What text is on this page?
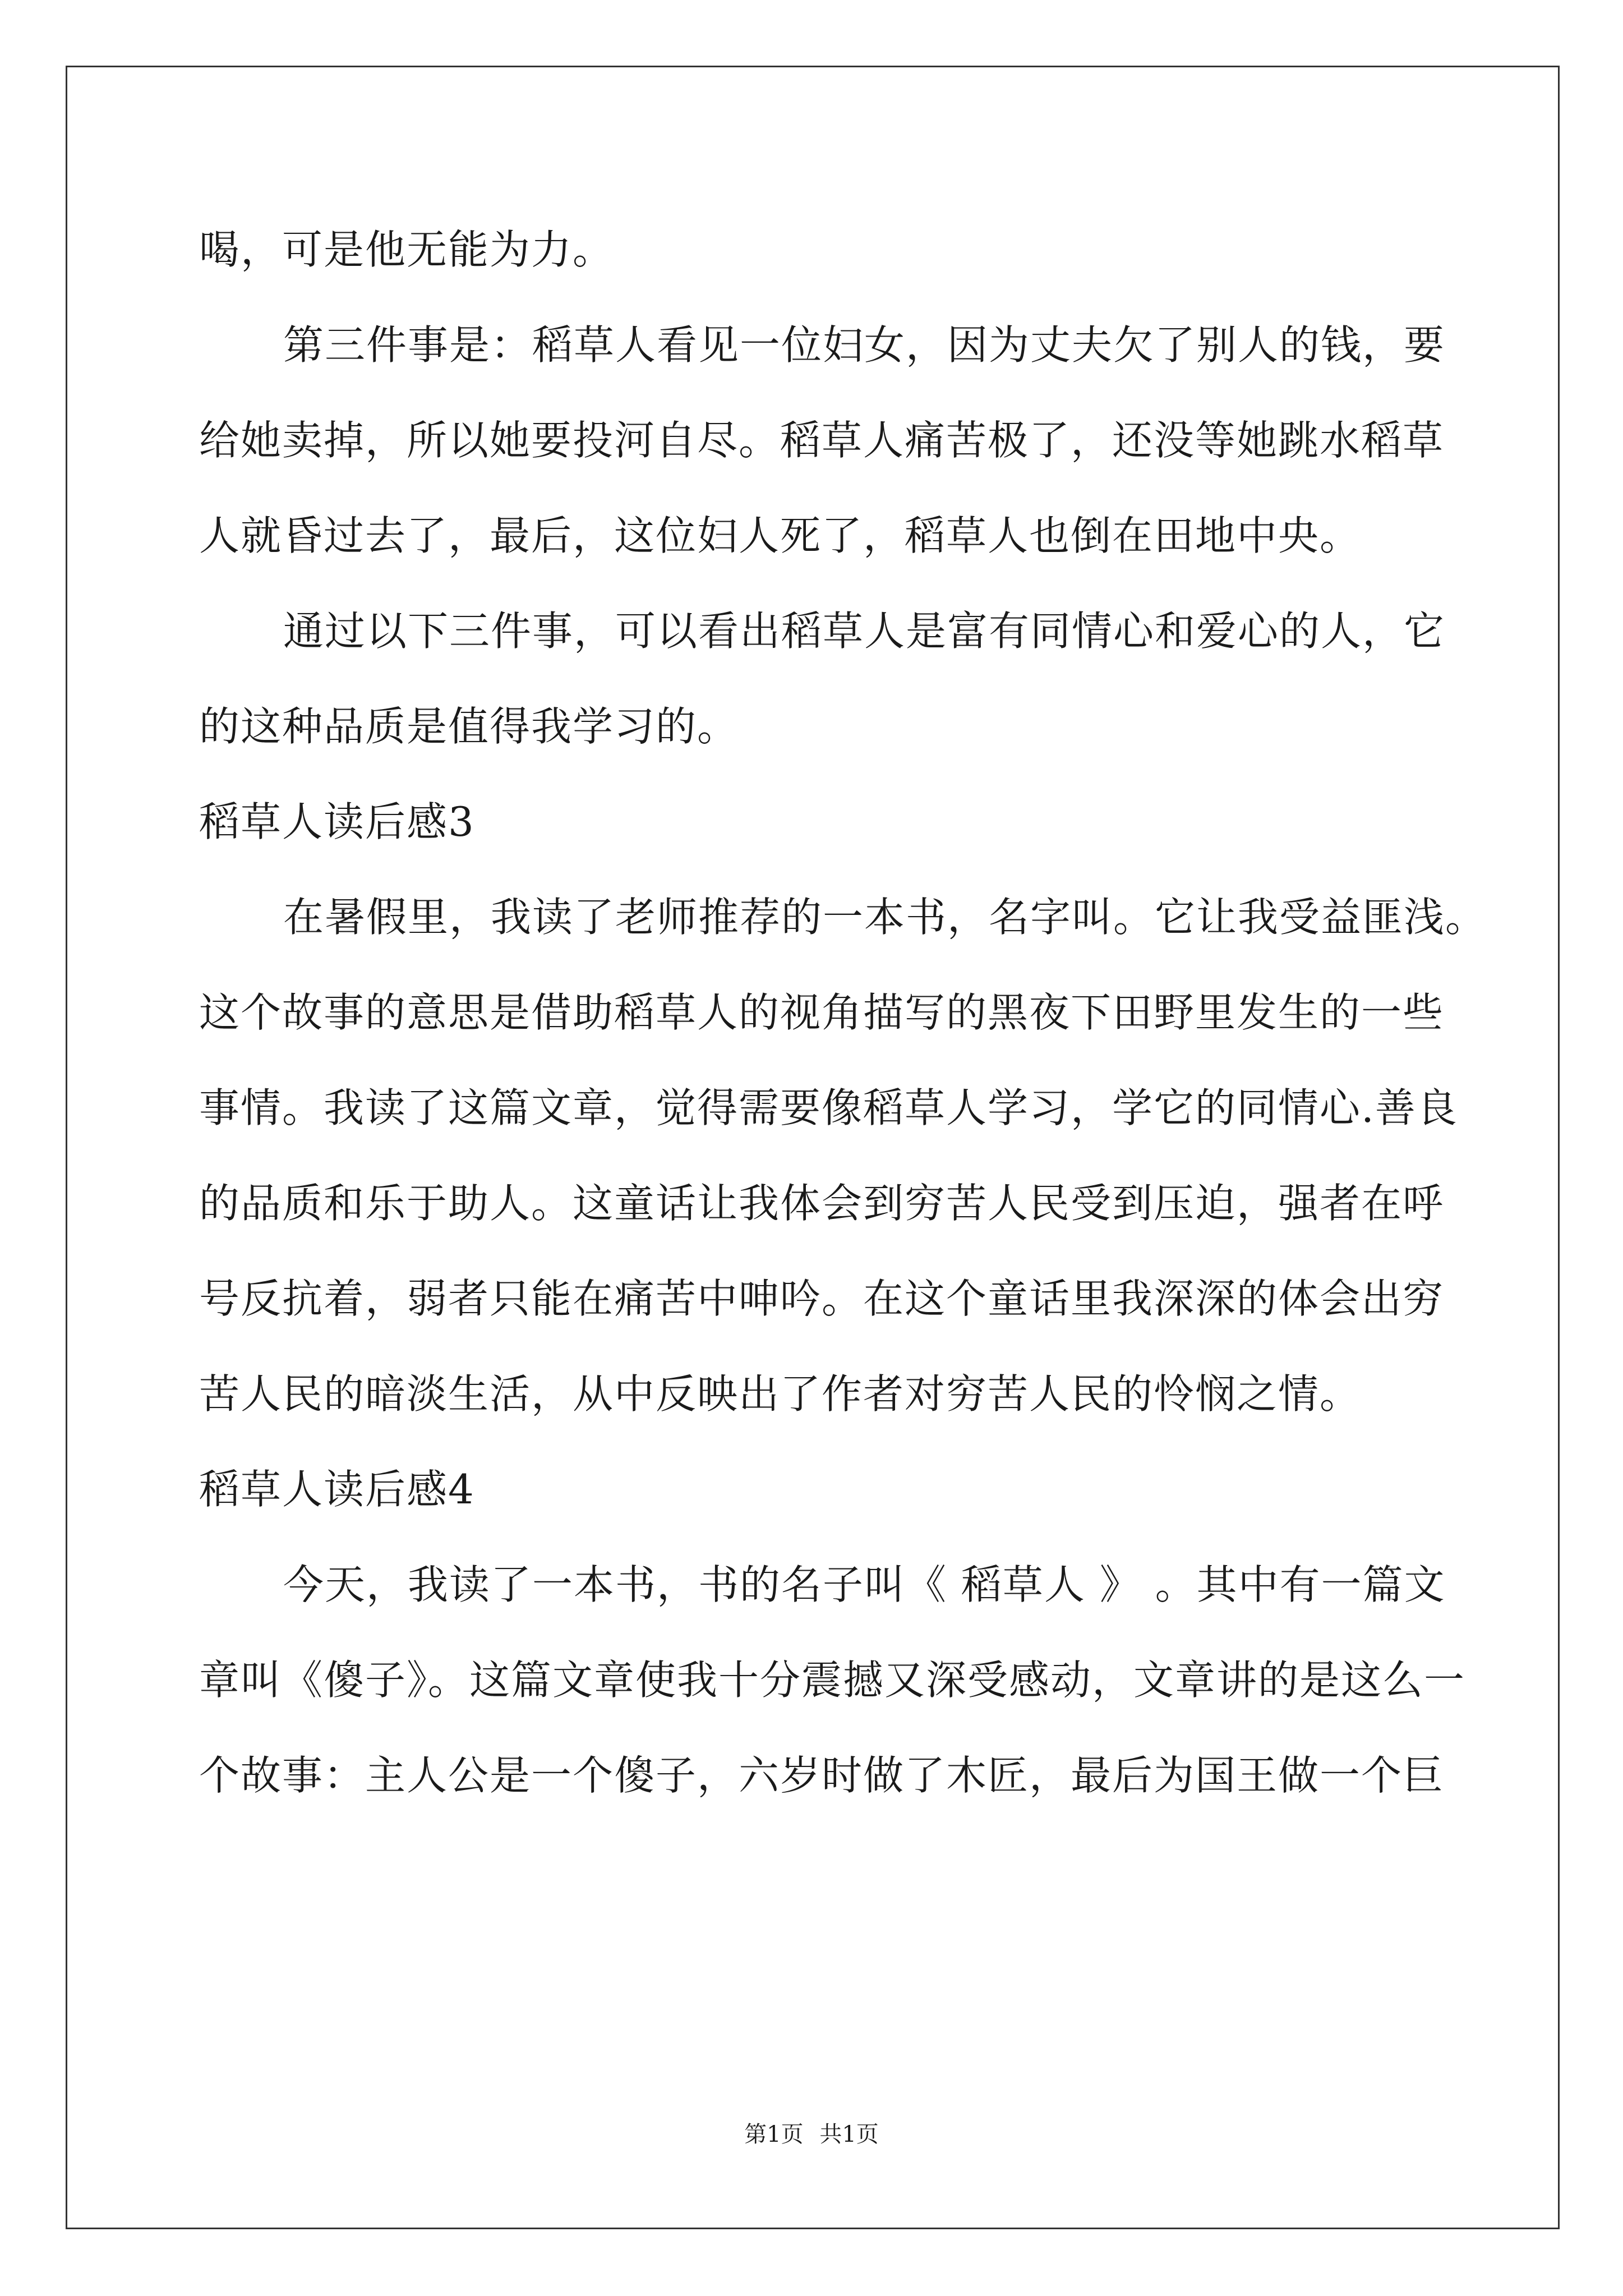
喝，可是他无能为力。
第三件事是：稻草人看见一位妇女，因为丈夫欠了别人的钱，要
给她卖掉，所以她要投河自尽。稻草人痛苦极了，还没等她跳水稻草
人就昏过去了，最后，这位妇人死了，稻草人也倒在田地中央。
通过以下三件事，可以看出稻草人是富有同情心和爱心的人，它
的这种品质是值得我学习的。
稻草人读后感3
在暑假里，我读了老师推荐的一本书，名字叫。它让我受益匪浅。
这个故事的意思是借助稻草人的视角描写的黑夜下田野里发生的一些
事情。我读了这篇文章，觉得需要像稻草人学习，学它的同情心.善良
的品质和乐于助人。这童话让我体会到穷苦人民受到压迫，强者在呼
号反抗着，弱者只能在痛苦中呻吟。在这个童话里我深深的体会出穷
苦人民的暗淡生活，从中反映出了作者对穷苦人民的怜悯之情。
稻草人读后感4
今天，我读了一本书，书的名子叫《 稻草人 》 。其中有一篇文
章叫《傻子》。这篇文章使我十分震撼又深受感动，文章讲的是这么一
个故事：主人公是一个傻子，六岁时做了木匠，最后为国王做一个巨
第1页 共1页
